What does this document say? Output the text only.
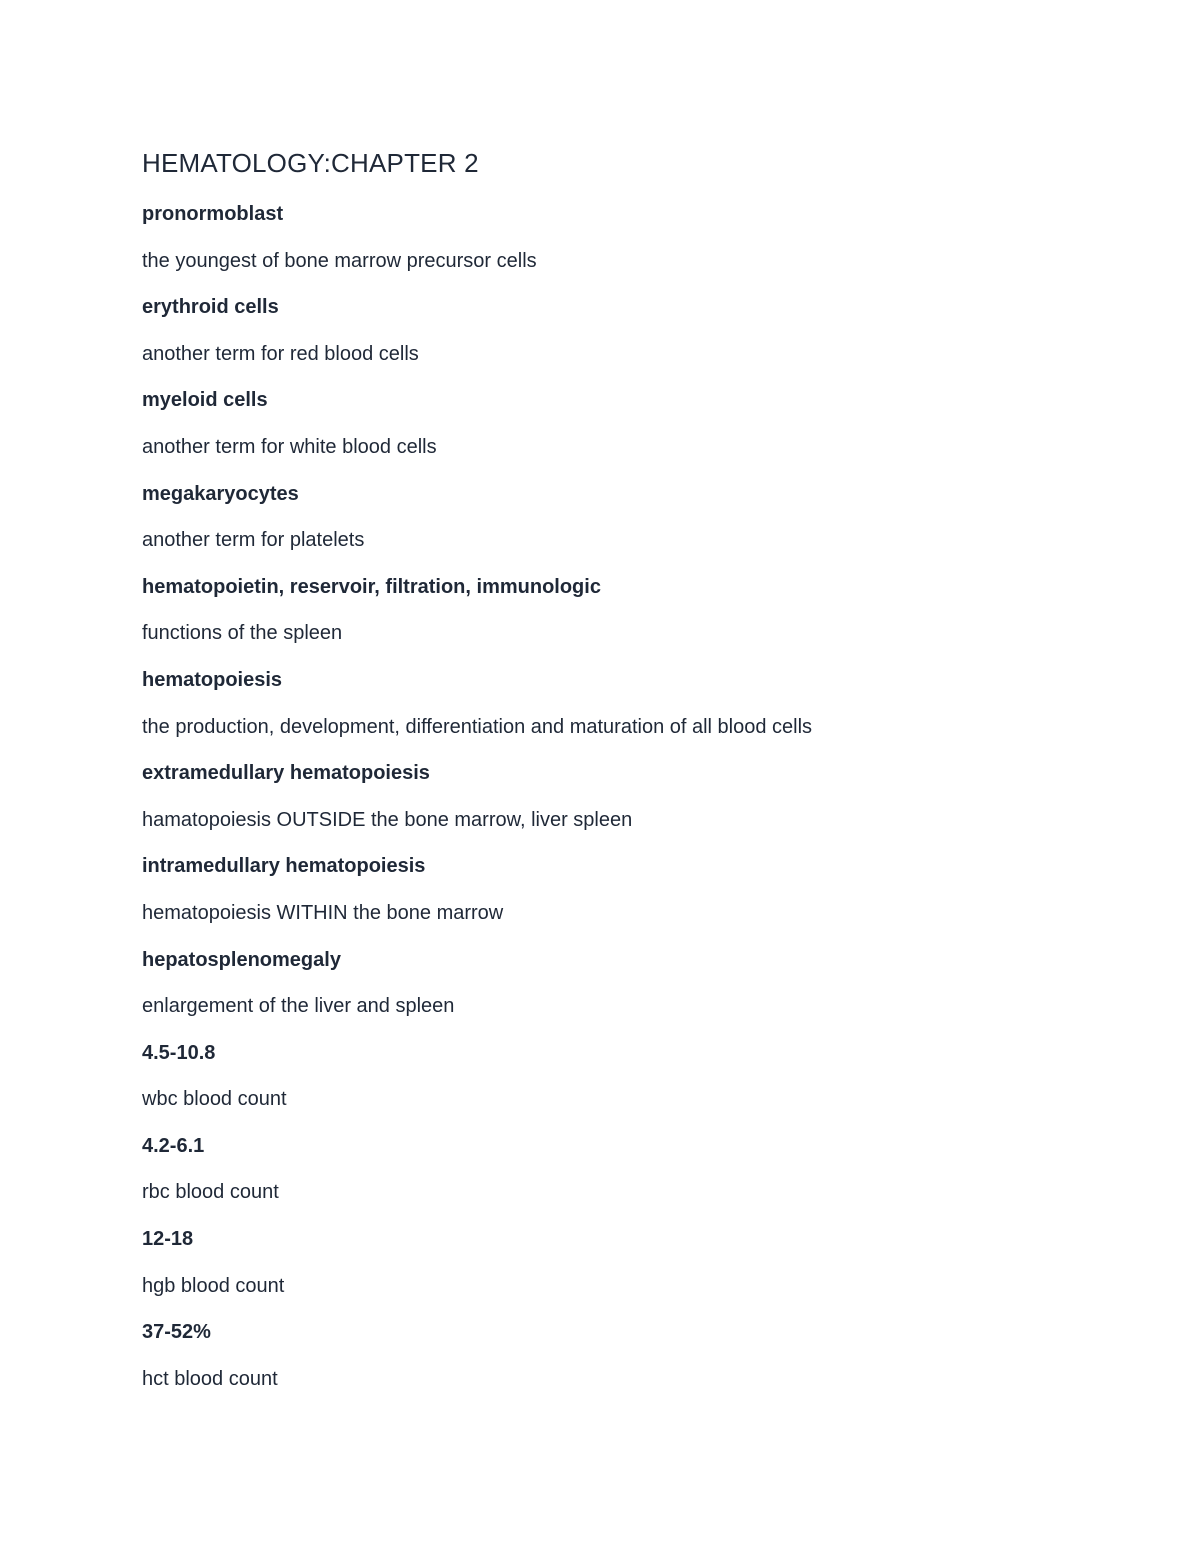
HEMATOLOGY:CHAPTER 2
pronormoblast
the youngest of bone marrow precursor cells
erythroid cells
another term for red blood cells
myeloid cells
another term for white blood cells
megakaryocytes
another term for platelets
hematopoietin, reservoir, filtration, immunologic
functions of the spleen
hematopoiesis
the production, development, differentiation and maturation of all blood cells
extramedullary hematopoiesis
hamatopoiesis OUTSIDE the bone marrow, liver spleen
intramedullary hematopoiesis
hematopoiesis WITHIN the bone marrow
hepatosplenomegaly
enlargement of the liver and spleen
4.5-10.8
wbc blood count
4.2-6.1
rbc blood count
12-18
hgb blood count
37-52%
hct blood count
